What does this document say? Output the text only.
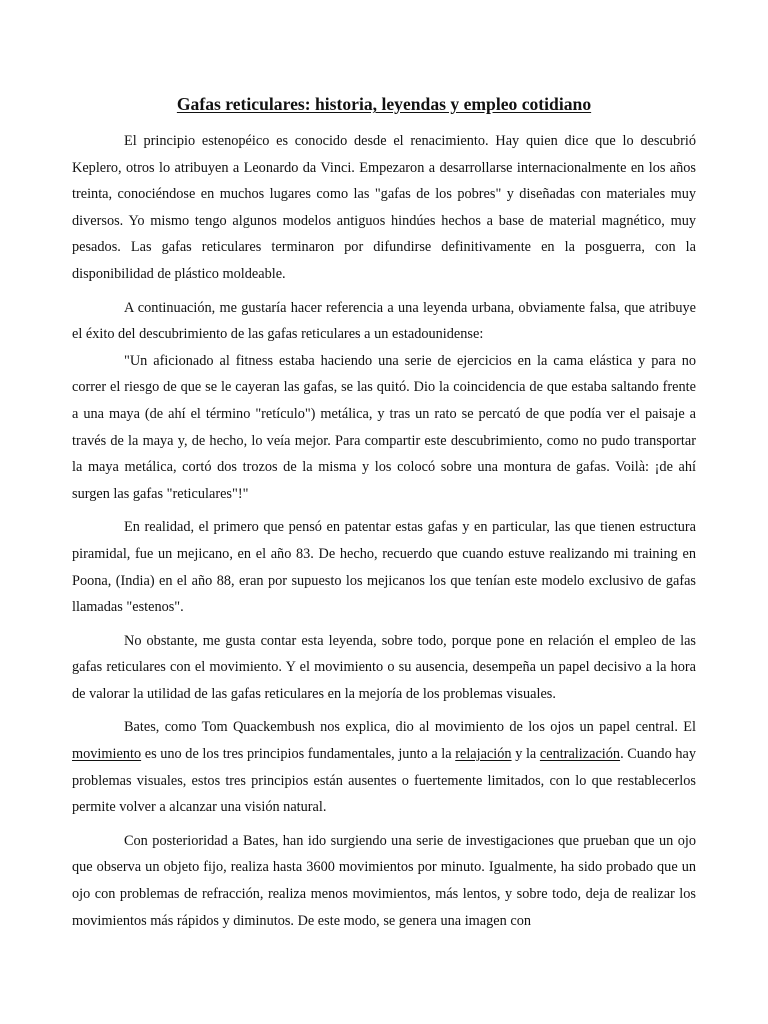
Gafas reticulares: historia, leyendas y empleo cotidiano

El principio estenopéico es conocido desde el renacimiento. Hay quien dice que lo descubrió Keplero, otros lo atribuyen a Leonardo da Vinci. Empezaron a desarrollarse internacionalmente en los años treinta, conociéndose en muchos lugares como las "gafas de los pobres" y diseñadas con materiales muy diversos. Yo mismo tengo algunos modelos antiguos hindúes hechos a base de material magnético, muy pesados. Las gafas reticulares terminaron por difundirse definitivamente en la posguerra, con la disponibilidad de plástico moldeable.

A continuación, me gustaría hacer referencia a una leyenda urbana, obviamente falsa, que atribuye el éxito del descubrimiento de las gafas reticulares a un estadounidense:

"Un aficionado al fitness estaba haciendo una serie de ejercicios en la cama elástica y para no correr el riesgo de que se le cayeran las gafas, se las quitó. Dio la coincidencia de que estaba saltando frente a una maya (de ahí el término "retículo") metálica, y tras un rato se percató de que podía ver el paisaje a través de la maya y, de hecho, lo veía mejor. Para compartir este descubrimiento, como no pudo transportar la maya metálica, cortó dos trozos de la misma y los colocó sobre una montura de gafas. Voilà: ¡de ahí surgen las gafas "reticulares"!"

En realidad, el primero que pensó en patentar estas gafas y en particular, las que tienen estructura piramidal, fue un mejicano, en el año 83. De hecho, recuerdo que cuando estuve realizando mi training en Poona, (India) en el año 88, eran por supuesto los mejicanos los que tenían este modelo exclusivo de gafas llamadas "estenos".

No obstante, me gusta contar esta leyenda, sobre todo, porque pone en relación el empleo de las gafas reticulares con el movimiento. Y el movimiento o su ausencia, desempeña un papel decisivo a la hora de valorar la utilidad de las gafas reticulares en la mejoría de los problemas visuales.

Bates, como Tom Quackembush nos explica, dio al movimiento de los ojos un papel central. El movimiento es uno de los tres principios fundamentales, junto a la relajación y la centralización. Cuando hay problemas visuales, estos tres principios están ausentes o fuertemente limitados, con lo que restablecerlos permite volver a alcanzar una visión natural.

Con posterioridad a Bates, han ido surgiendo una serie de investigaciones que prueban que un ojo que observa un objeto fijo, realiza hasta 3600 movimientos por minuto. Igualmente, ha sido probado que un ojo con problemas de refracción, realiza menos movimientos, más lentos, y sobre todo, deja de realizar los movimientos más rápidos y diminutos. De este modo, se genera una imagen con
